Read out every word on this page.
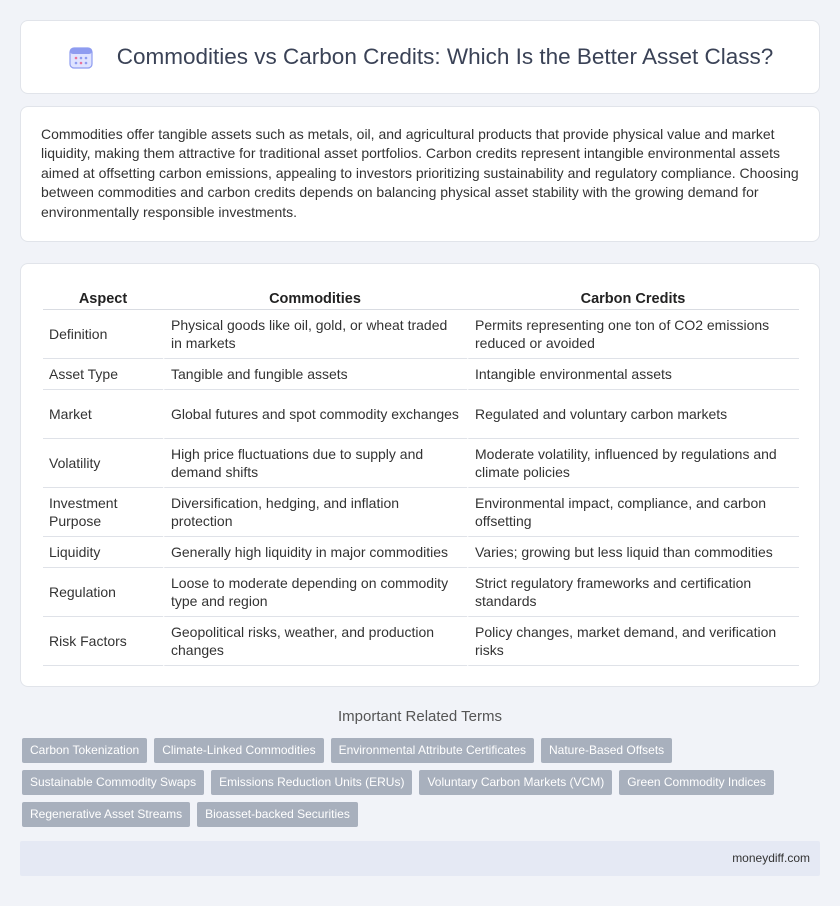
Commodities vs Carbon Credits: Which Is the Better Asset Class?

Commodities offer tangible assets such as metals, oil, and agricultural products that provide physical value and market liquidity, making them attractive for traditional asset portfolios. Carbon credits represent intangible environmental assets aimed at offsetting carbon emissions, appealing to investors prioritizing sustainability and regulatory compliance. Choosing between commodities and carbon credits depends on balancing physical asset stability with the growing demand for environmentally responsible investments.

Aspect	Commodities	Carbon Credits
Definition	Physical goods like oil, gold, or wheat traded in markets	Permits representing one ton of CO2 emissions reduced or avoided
Asset Type	Tangible and fungible assets	Intangible environmental assets
Market	Global futures and spot commodity exchanges	Regulated and voluntary carbon markets
Volatility	High price fluctuations due to supply and demand shifts	Moderate volatility, influenced by regulations and climate policies
Investment Purpose	Diversification, hedging, and inflation protection	Environmental impact, compliance, and carbon offsetting
Liquidity	Generally high liquidity in major commodities	Varies; growing but less liquid than commodities
Regulation	Loose to moderate depending on commodity type and region	Strict regulatory frameworks and certification standards
Risk Factors	Geopolitical risks, weather, and production changes	Policy changes, market demand, and verification risks
Important Related Terms
Carbon Tokenization	Climate-Linked Commodities	Environmental Attribute Certificates	Nature-Based Offsets
Sustainable Commodity Swaps	Emissions Reduction Units (ERUs)	Voluntary Carbon Markets (VCM)	Green Commodity Indices
Regenerative Asset Streams	Bioasset-backed Securities
moneydiff.com
